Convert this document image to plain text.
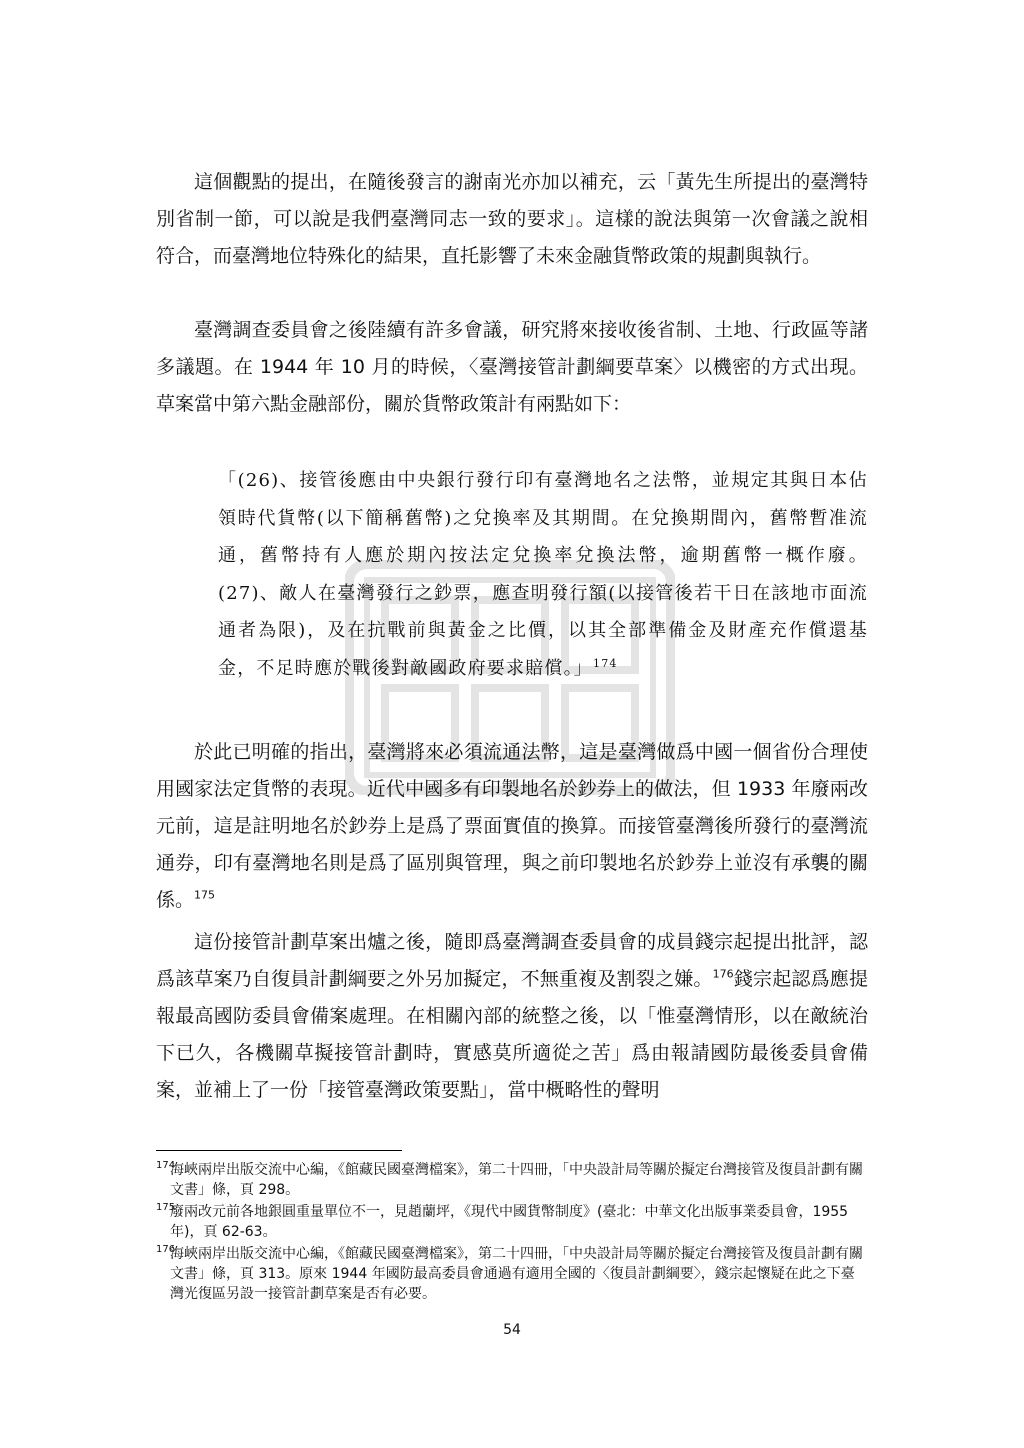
這個觀點的提出，在隨後發言的謝南光亦加以補充，云「黃先生所提出的臺灣特別省制一節，可以說是我們臺灣同志一致的要求」。這樣的說法與第一次會議之說相符合，而臺灣地位特殊化的結果，直托影響了未來金融貨幣政策的規劃與執行。

臺灣調查委員會之後陸續有許多會議，研究將來接收後省制、土地、行政區等諸多議題。在 1944 年 10 月的時候，〈臺灣接管計劃綱要草案〉以機密的方式出現。草案當中第六點金融部份，關於貨幣政策計有兩點如下：

「(26)、接管後應由中央銀行發行印有臺灣地名之法幣，並規定其與日本佔領時代貨幣(以下簡稱舊幣)之兌換率及其期間。在兌換期間內，舊幣暫准流通，舊幣持有人應於期內按法定兌換率兌換法幣，逾期舊幣一概作廢。(27)、敵人在臺灣發行之鈔票，應查明發行額(以接管後若干日在該地市面流通者為限)，及在抗戰前與黃金之比價，以其全部準備金及財產充作償還基金，不足時應於戰後對敵國政府要求賠償。」$^{174}$

於此已明確的指出，臺灣將來必須流通法幣，這是臺灣做爲中國一個省份合理使用國家法定貨幣的表現。近代中國多有印製地名於鈔券上的做法，但 1933 年廢兩改元前，這是註明地名於鈔券上是爲了票面實值的換算。而接管臺灣後所發行的臺灣流通券，印有臺灣地名則是爲了區別與管理，與之前印製地名於鈔券上並沒有承襲的關係。$^{175}$

這份接管計劃草案出爐之後，隨即爲臺灣調查委員會的成員錢宗起提出批評，認爲該草案乃自復員計劃綱要之外另加擬定，不無重複及割裂之嫌。$^{176}$錢宗起認爲應提報最高國防委員會備案處理。在相關內部的統整之後，以「惟臺灣情形，以在敵統治下已久，各機關草擬接管計劃時，實感莫所適從之苦」爲由報請國防最後委員會備案，並補上了一份「接管臺灣政策要點」，當中概略性的聲明

174
海峽兩岸出版交流中心編，《館藏民國臺灣檔案》，第二十四冊，「中央設計局等關於擬定台灣接管及復員計劃有關文書」條，頁 298。

175
廢兩改元前各地銀圓重量單位不一，見趙蘭坪，《現代中國貨幣制度》(臺北：中華文化出版事業委員會，1955 年)，頁 62-63。

176
海峽兩岸出版交流中心編，《館藏民國臺灣檔案》，第二十四冊，「中央設計局等關於擬定台灣接管及復員計劃有關文書」條，頁 313。原來 1944 年國防最高委員會通過有適用全國的〈復員計劃綱要〉，錢宗起懷疑在此之下臺灣光復區另設一接管計劃草案是否有必要。

54
